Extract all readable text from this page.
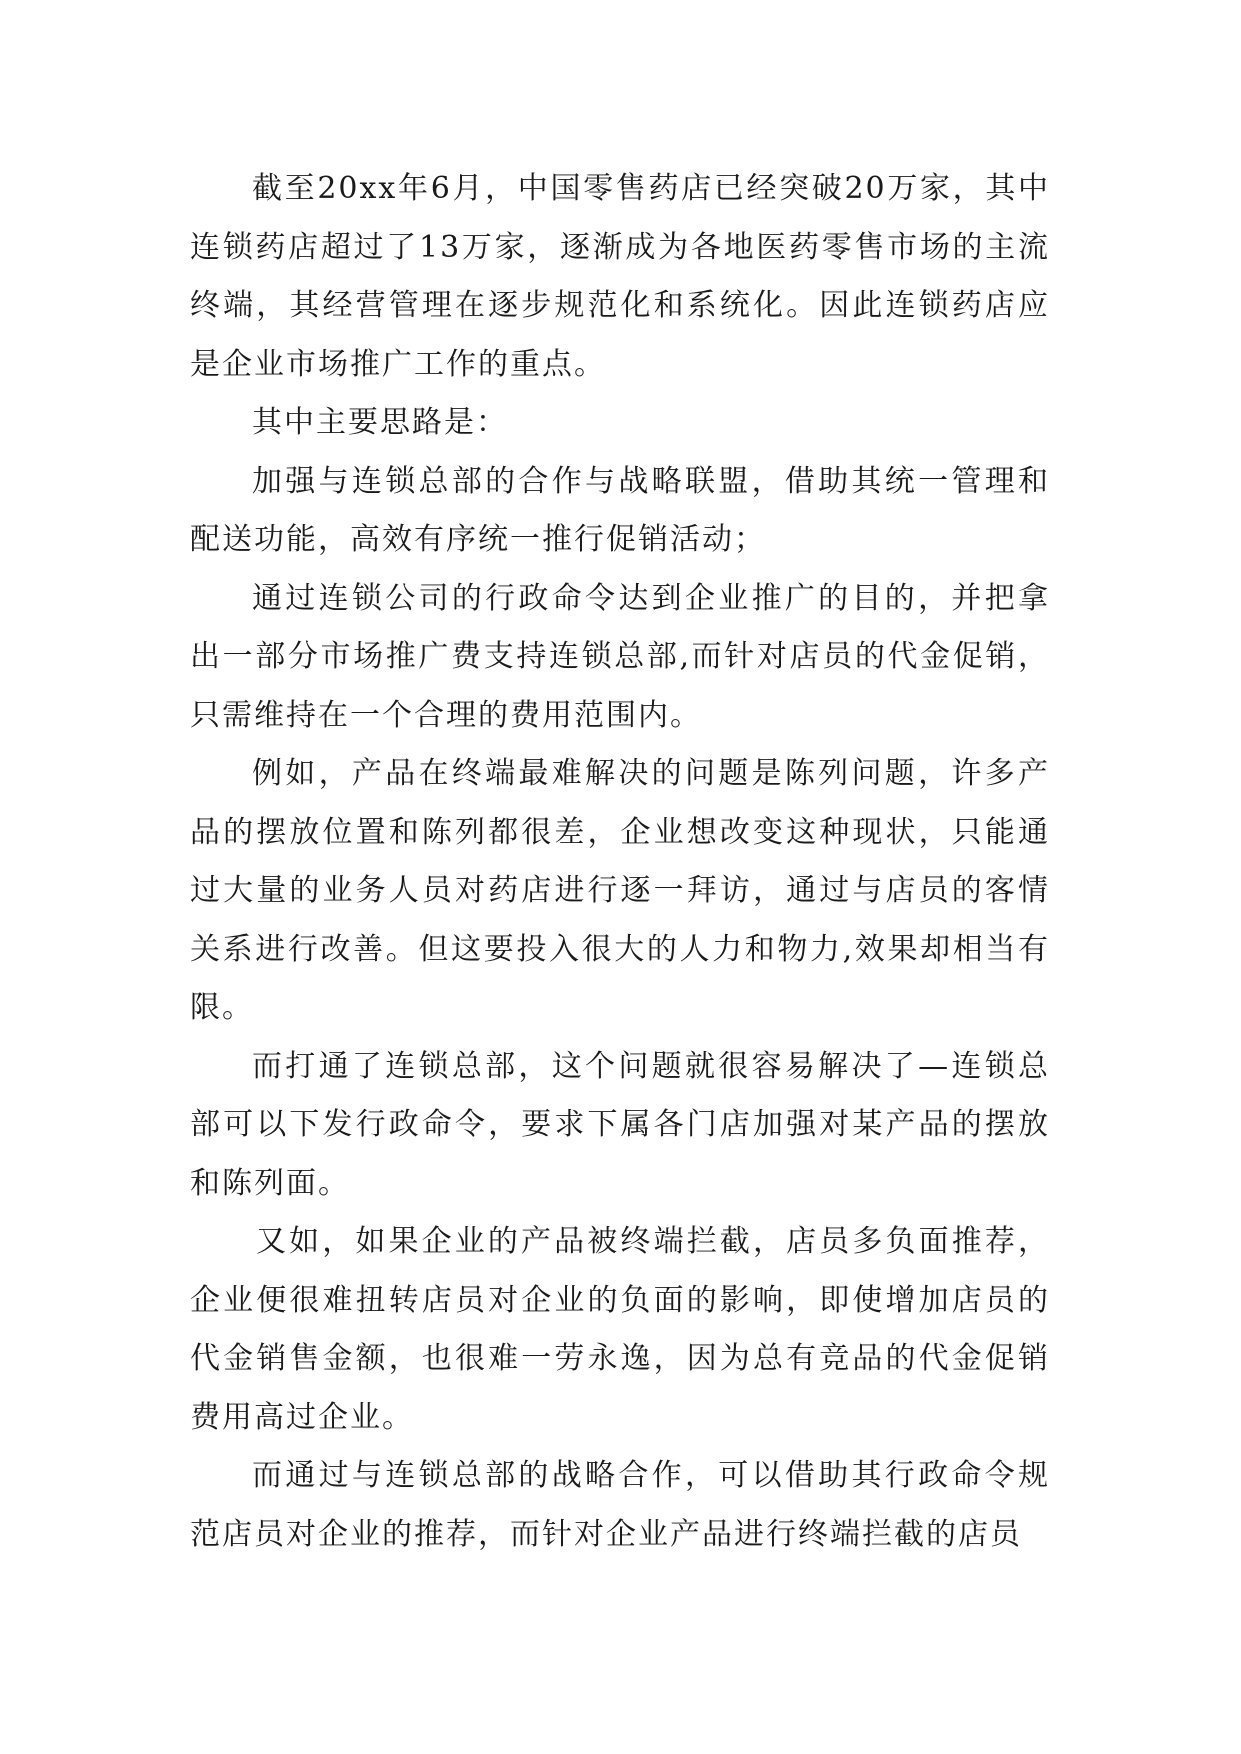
截至20xx年6月，中国零售药店已经突破20万家，其中连锁药店超过了13万家，逐渐成为各地医药零售市场的主流终端，其经营管理在逐步规范化和系统化。因此连锁药店应是企业市场推广工作的重点。

其中主要思路是：

加强与连锁总部的合作与战略联盟，借助其统一管理和配送功能，高效有序统一推行促销活动；

通过连锁公司的行政命令达到企业推广的目的，并把拿出一部分市场推广费支持连锁总部,而针对店员的代金促销，只需维持在一个合理的费用范围内。

例如，产品在终端最难解决的问题是陈列问题，许多产品的摆放位置和陈列都很差，企业想改变这种现状，只能通过大量的业务人员对药店进行逐一拜访，通过与店员的客情关系进行改善。但这要投入很大的人力和物力,效果却相当有限。

而打通了连锁总部，这个问题就很容易解决了—连锁总部可以下发行政命令，要求下属各门店加强对某产品的摆放和陈列面。

又如，如果企业的产品被终端拦截，店员多负面推荐，企业便很难扭转店员对企业的负面的影响，即使增加店员的代金销售金额，也很难一劳永逸，因为总有竞品的代金促销费用高过企业。

而通过与连锁总部的战略合作，可以借助其行政命令规范店员对企业的推荐，而针对企业产品进行终端拦截的店员
